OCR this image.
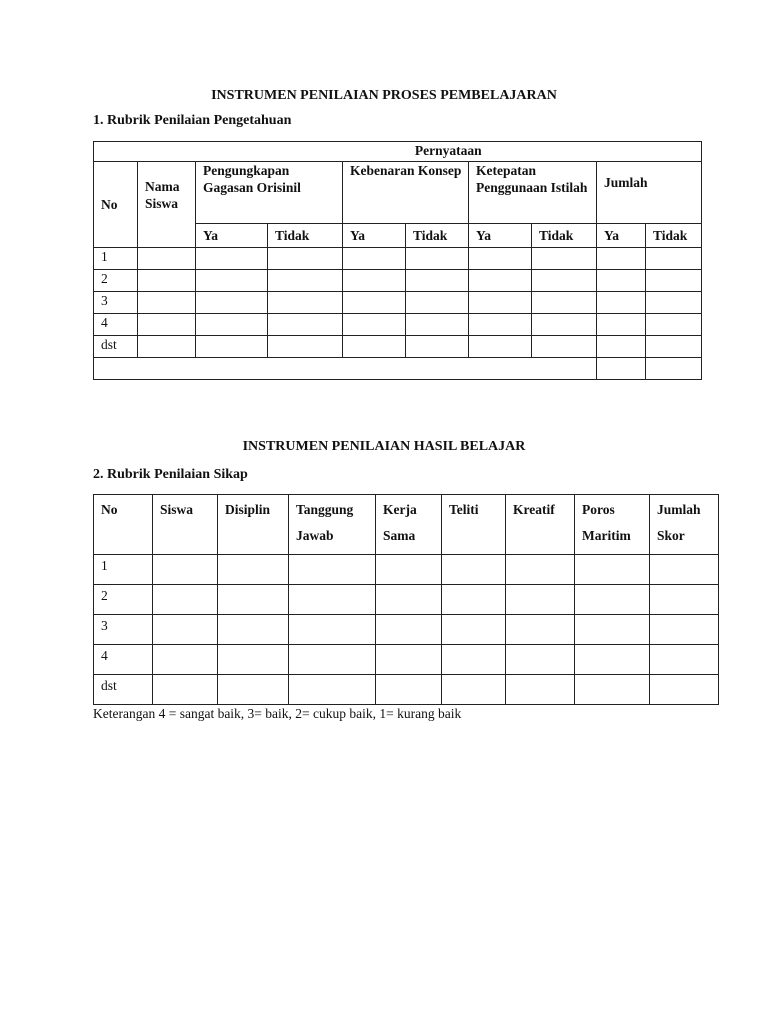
INSTRUMEN PENILAIAN PROSES PEMBELAJARAN
1. Rubrik Penilaian Pengetahuan
		Pernyataan							
No	Nama Siswa	Pengungkapan Gagasan Orisinil		Kebenaran Konsep		Ketepatan Penggunaan Istilah		Jumlah	
		Ya	Tidak	Ya	Tidak	Ya	Tidak	Ya	Tidak
1									
2									
3									
4									
dst									

INSTRUMEN PENILAIAN HASIL BELAJAR
2. Rubrik Penilaian Sikap
No	Siswa	Disiplin	Tanggung Jawab	Kerja Sama	Teliti	Kreatif	Poros Maritim	Jumlah Skor
1								
2								
3								
4								
dst								
Keterangan 4 = sangat baik, 3= baik, 2= cukup baik, 1= kurang baik
